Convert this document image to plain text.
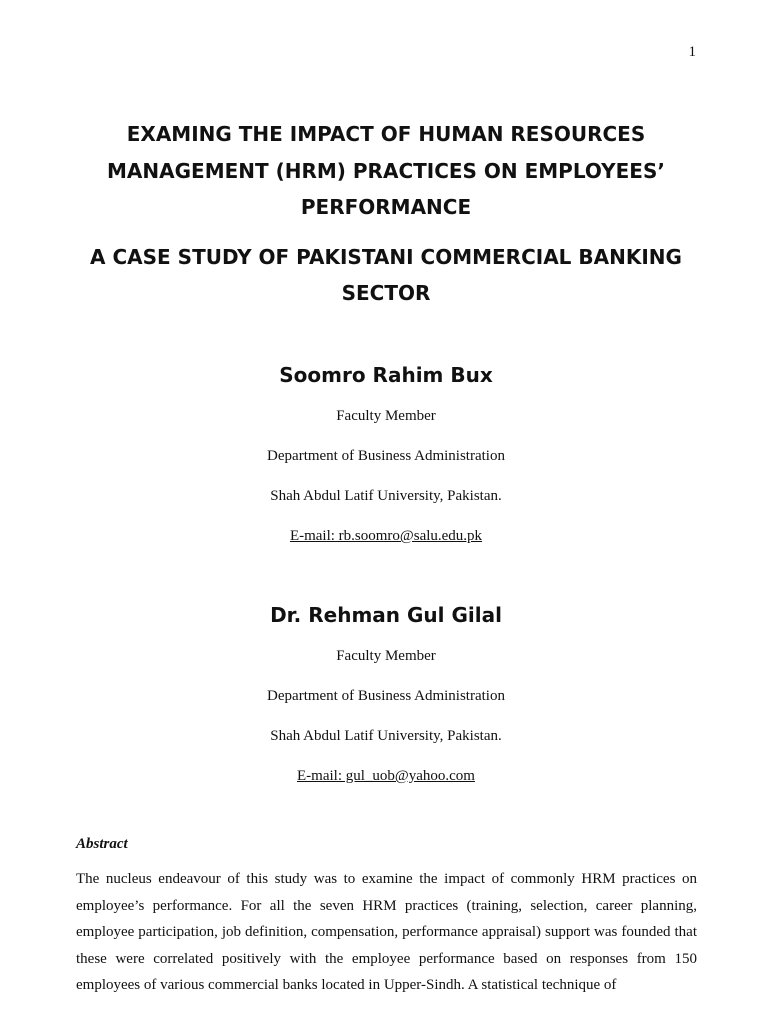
1
EXAMING THE IMPACT OF HUMAN RESOURCES MANAGEMENT (HRM) PRACTICES ON EMPLOYEES’ PERFORMANCE
A CASE STUDY OF PAKISTANI COMMERCIAL BANKING SECTOR

Soomro Rahim Bux

Faculty Member

Department of Business Administration

Shah Abdul Latif University, Pakistan.

E-mail: rb.soomro@salu.edu.pk

Dr. Rehman Gul Gilal

Faculty Member

Department of Business Administration

Shah Abdul Latif University, Pakistan.

E-mail: gul_uob@yahoo.com

Abstract

The nucleus endeavour of this study was to examine the impact of commonly HRM practices on employee’s performance. For all the seven HRM practices (training, selection, career planning, employee participation, job definition, compensation, performance appraisal) support was founded that these were correlated positively with the employee performance based on responses from 150 employees of various commercial banks located in Upper-Sindh. A statistical technique of
